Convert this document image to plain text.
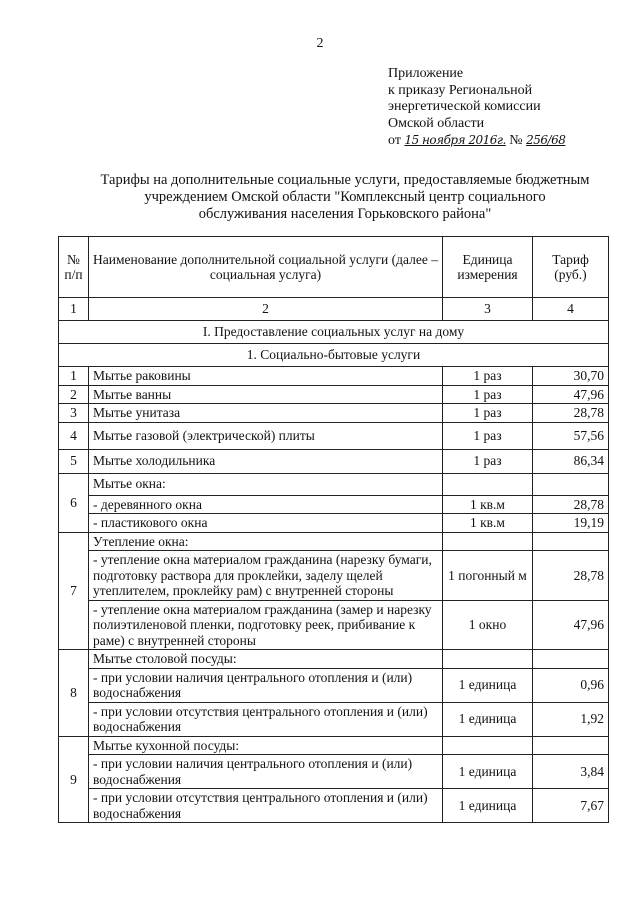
2
Приложение
к приказу Региональной
энергетической комиссии
Омской области
от 15 ноября 2016г. № 256/68
Тарифы на дополнительные социальные услуги, предоставляемые бюджетным
учреждением Омской области "Комплексный центр социального
обслуживания населения Горьковского района"
№ п/п	Наименование дополнительной социальной услуги (далее – социальная услуга)	Единица измерения	Тариф (руб.)
1	2	3	4
I. Предоставление социальных услуг на дому			
1. Социально-бытовые услуги			
1	Мытье раковины	1 раз	30,70
2	Мытье ванны	1 раз	47,96
3	Мытье унитаза	1 раз	28,78
4	Мытье газовой (электрической) плиты	1 раз	57,56
5	Мытье холодильника	1 раз	86,34
6	Мытье окна:		
	- деревянного окна	1 кв.м	28,78
	- пластикового окна	1 кв.м	19,19
7	Утепление окна:		
	- утепление окна материалом гражданина (нарезку бумаги, подготовку раствора для проклейки, заделу щелей утеплителем, проклейку рам) с внутренней стороны	1 погонный м	28,78
	- утепление окна материалом гражданина (замер и нарезку полиэтиленовой пленки, подготовку реек, прибивание к раме) с внутренней стороны	1 окно	47,96
8	Мытье столовой посуды:		
	- при условии наличия центрального отопления и (или) водоснабжения	1 единица	0,96
	- при условии отсутствия центрального отопления и (или) водоснабжения	1 единица	1,92
9	Мытье кухонной посуды:		
	- при условии наличия центрального отопления и (или) водоснабжения	1 единица	3,84
	- при условии отсутствия центрального отопления и (или) водоснабжения	1 единица	7,67
